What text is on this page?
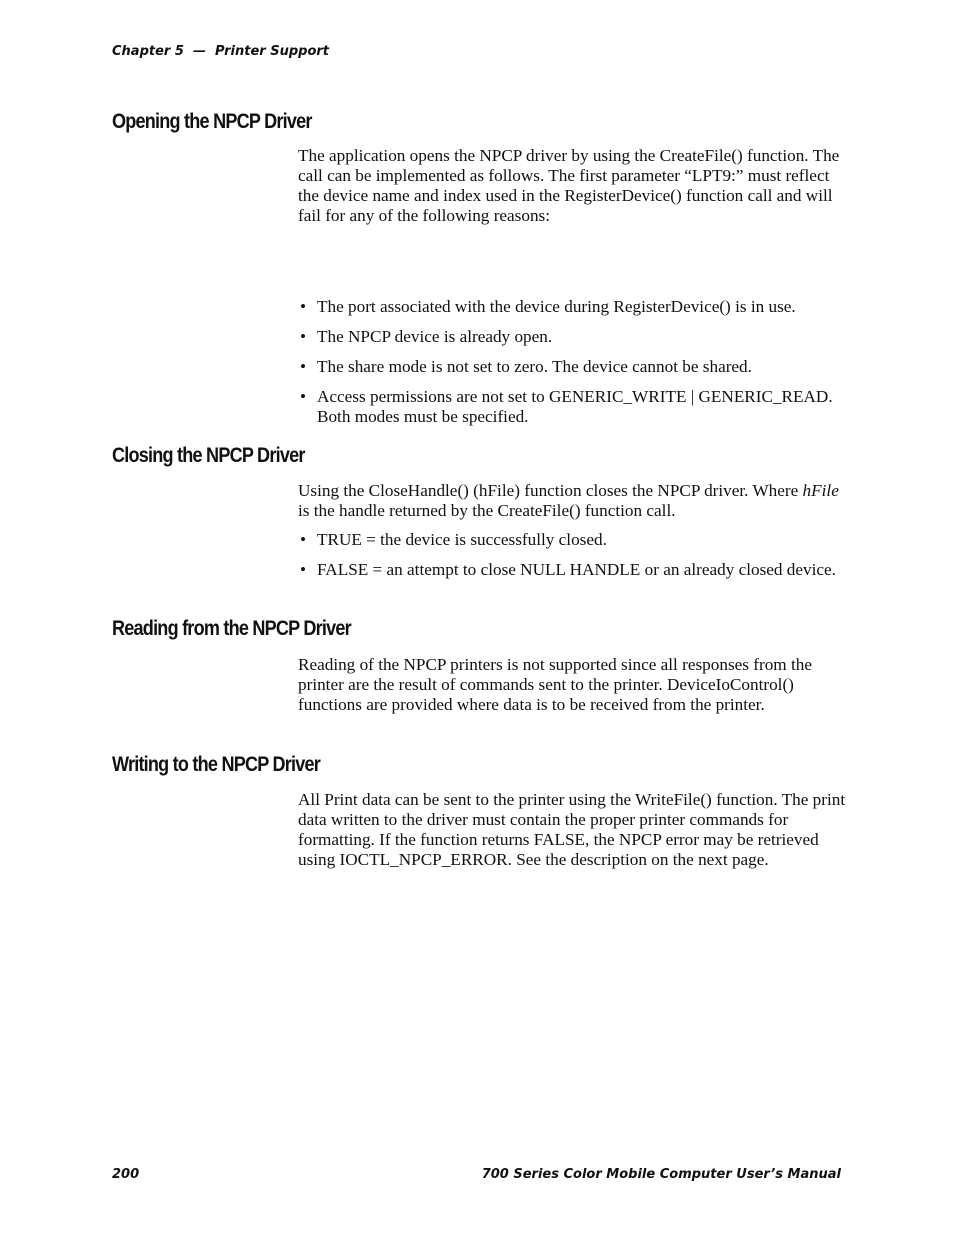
Chapter 5  —  Printer Support
Opening the NPCP Driver

The application opens the NPCP driver by using the CreateFile() function. The call can be implemented as follows. The first parameter “LPT9:” must reflect the device name and index used in the RegisterDevice() function call and will fail for any of the following reasons:

• The port associated with the device during RegisterDevice() is in use.
• The NPCP device is already open.
• The share mode is not set to zero. The device cannot be shared.
• Access permissions are not set to GENERIC_WRITE | GENERIC_READ. Both modes must be specified.
Closing the NPCP Driver

Using the CloseHandle() (hFile) function closes the NPCP driver. Where hFile is the handle returned by the CreateFile() function call.

• TRUE = the device is successfully closed.
• FALSE = an attempt to close NULL HANDLE or an already closed device.
Reading from the NPCP Driver

Reading of the NPCP printers is not supported since all responses from the printer are the result of commands sent to the printer. DeviceIoControl() functions are provided where data is to be received from the printer.

Writing to the NPCP Driver

All Print data can be sent to the printer using the WriteFile() function. The print data written to the driver must contain the proper printer commands for formatting. If the function returns FALSE, the NPCP error may be retrieved using IOCTL_NPCP_ERROR. See the description on the next page.

200	700 Series Color Mobile Computer User’s Manual
